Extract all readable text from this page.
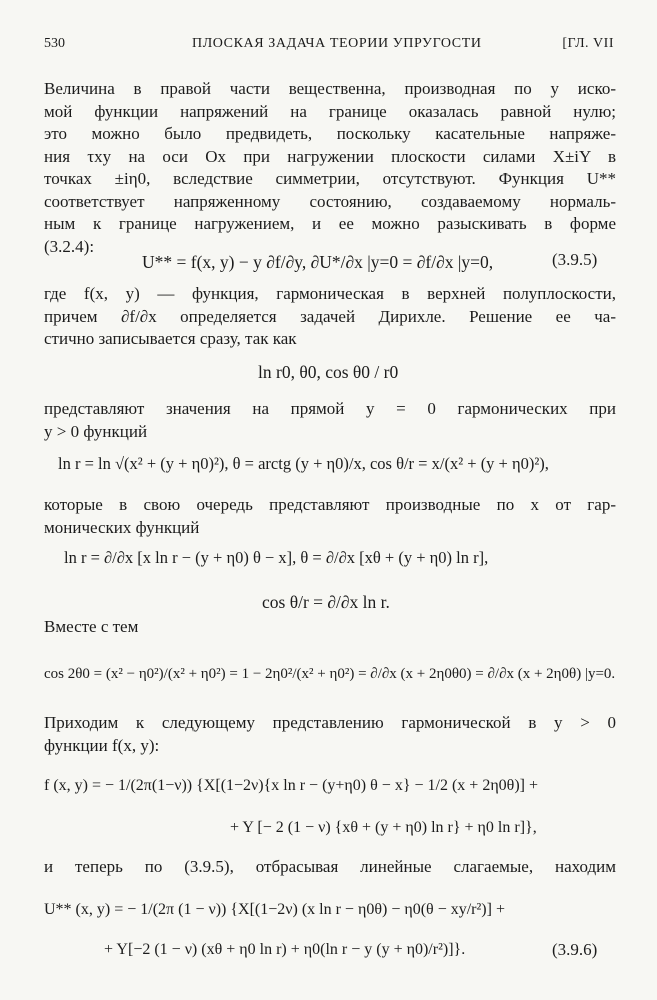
530	ПЛОСКАЯ ЗАДАЧА ТЕОРИИ УПРУГОСТИ	[ГЛ. VII
Величина в правой части вещественна, производная по y иско-
мой функции напряжений на границе оказалась равной нулю;
это можно было предвидеть, поскольку касательные напряже-
ния τxy на оси Ox при нагружении плоскости силами X±iY в
точках ±iη0, вследствие симметрии, отсутствуют. Функция U**
соответствует напряженному состоянию, создаваемому нормаль-
ным к границе нагружением, и ее можно разыскивать в форме
(3.2.4):
U** = f(x, y) − y ∂f/∂y, ∂U*/∂x |y=0 = ∂f/∂x |y=0,	(3.9.5)
где f(x, y) — функция, гармоническая в верхней полуплоскости,
причем ∂f/∂x определяется задачей Дирихле. Решение ее ча-
стично записывается сразу, так как
ln r0, θ0, cos θ0 / r0
представляют значения на прямой y = 0 гармонических при
y > 0 функций
ln r = ln √(x² + (y + η0)²), θ = arctg (y + η0)/x, cos θ/r = x/(x² + (y + η0)²),
которые в свою очередь представляют производные по x от гар-
монических функций
ln r = ∂/∂x [x ln r − (y + η0) θ − x], θ = ∂/∂x [xθ + (y + η0) ln r],
cos θ/r = ∂/∂x ln r.
Вместе с тем
cos 2θ0 = (x² − η0²)/(x² + η0²) = 1 − 2η0²/(x² + η0²) = ∂/∂x (x + 2η0θ0) = ∂/∂x (x + 2η0θ) |y=0.
Приходим к следующему представлению гармонической в y > 0
функции f(x, y):
f (x, y) = − 1/(2π(1−ν)) {X[(1−2ν){x ln r − (y+η0) θ − x} − 1/2 (x + 2η0θ)] +
+ Y [− 2 (1 − ν) {xθ + (y + η0) ln r} + η0 ln r]},
и теперь по (3.9.5), отбрасывая линейные слагаемые, находим
U** (x, y) = − 1/(2π (1 − ν)) {X[(1−2ν) (x ln r − η0θ) − η0(θ − xy/r²)] +
+ Y[−2 (1 − ν) (xθ + η0 ln r) + η0(ln r − y (y + η0)/r²)]}.	(3.9.6)
